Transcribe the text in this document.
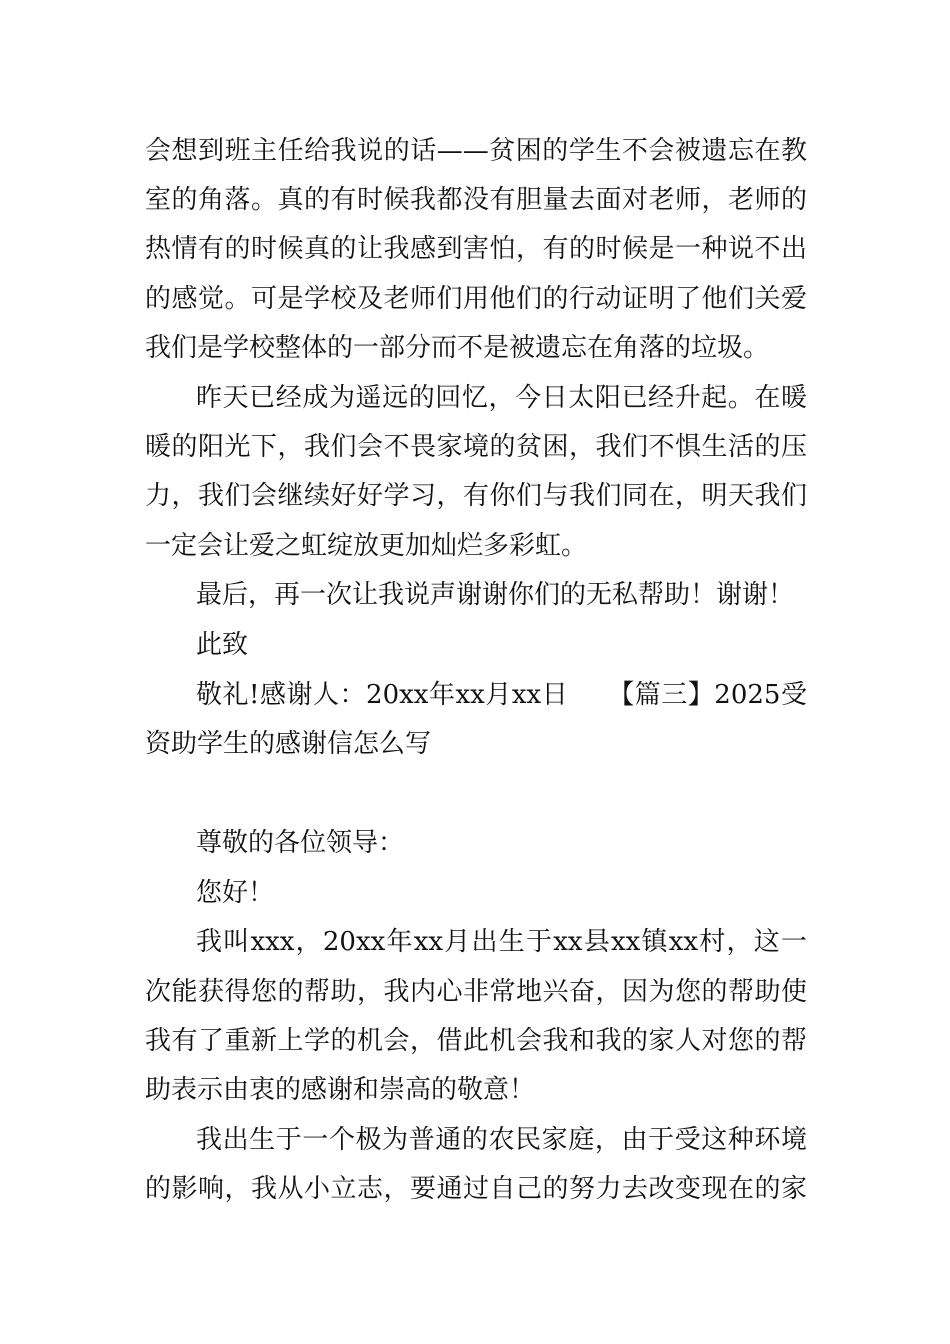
会想到班主任给我说的话——贫困的学生不会被遗忘在教

室的角落。真的有时候我都没有胆量去面对老师，老师的

热情有的时候真的让我感到害怕，有的时候是一种说不出

的感觉。可是学校及老师们用他们的行动证明了他们关爱

我们是学校整体的一部分而不是被遗忘在角落的垃圾。

昨天已经成为遥远的回忆，今日太阳已经升起。在暖

暖的阳光下，我们会不畏家境的贫困，我们不惧生活的压

力，我们会继续好好学习，有你们与我们同在，明天我们

一定会让爱之虹绽放更加灿烂多彩虹。

最后，再一次让我说声谢谢你们的无私帮助！谢谢！

此致

敬礼!感谢人：20xx年xx月xx日　　【篇三】2025受

资助学生的感谢信怎么写

尊敬的各位领导：

您好！

我叫xxx，20xx年xx月出生于xx县xx镇xx村，这一

次能获得您的帮助，我内心非常地兴奋，因为您的帮助使

我有了重新上学的机会，借此机会我和我的家人对您的帮

助表示由衷的感谢和崇高的敬意！

我出生于一个极为普通的农民家庭，由于受这种环境

的影响，我从小立志，要通过自己的努力去改变现在的家
